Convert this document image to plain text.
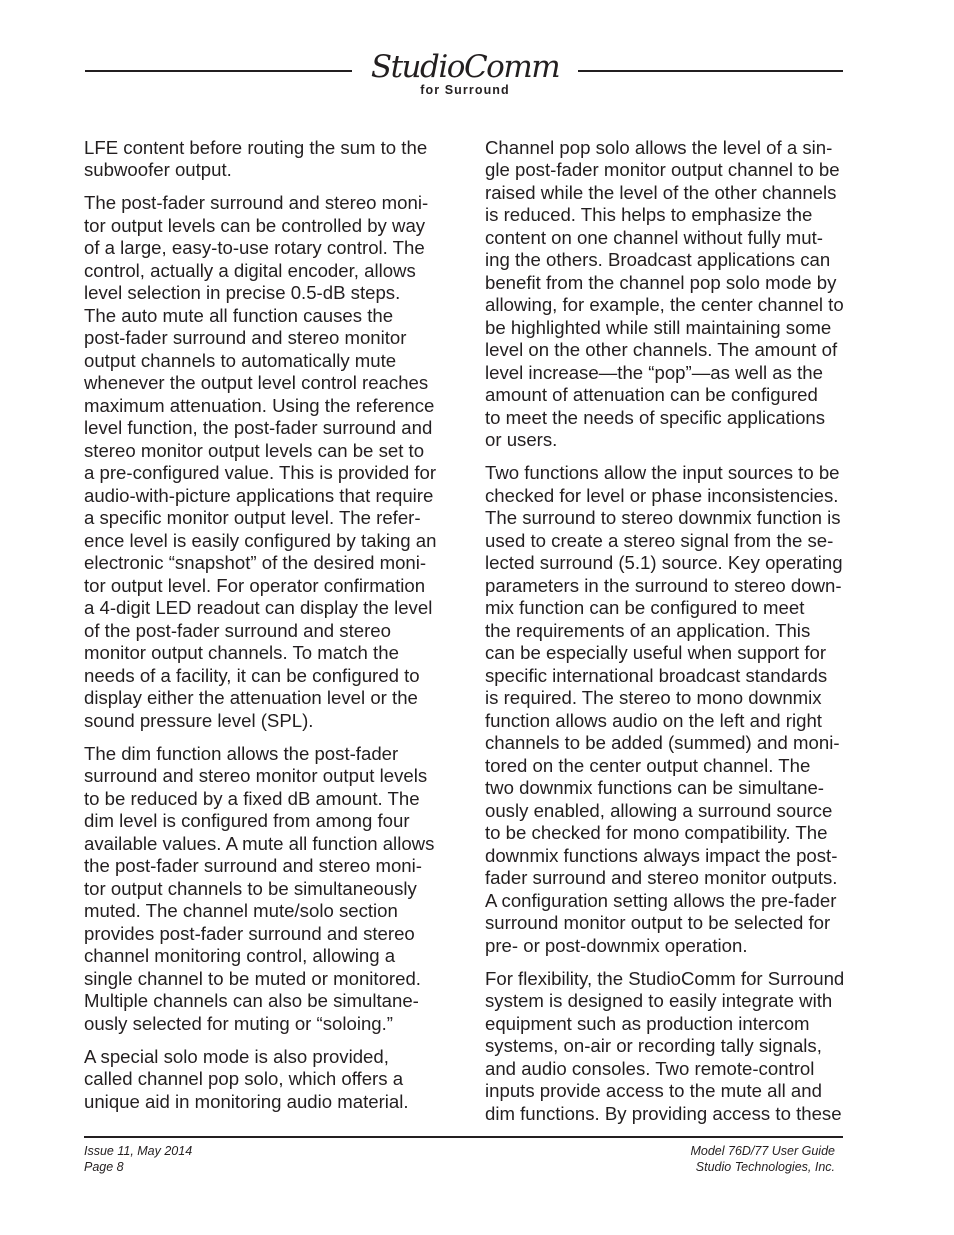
StudioComm
for Surround
LFE content before routing the sum to the
subwoofer output.
The post-fader surround and stereo moni-
tor output levels can be controlled by way
of a large, easy-to-use rotary control. The
control, actually a digital encoder, allows
level selection in precise 0.5-dB steps.
The auto mute all function causes the
post-fader surround and stereo monitor
output channels to automatically mute
whenever the output level control reaches
maximum attenuation. Using the reference
level function, the post-fader surround and
stereo monitor output levels can be set to
a pre-configured value. This is provided for
audio-with-picture applications that require
a specific monitor output level. The refer-
ence level is easily configured by taking an
electronic “snapshot” of the desired moni-
tor output level. For operator confirmation
a 4-digit LED readout can display the level
of the post-fader surround and stereo
monitor output channels. To match the
needs of a facility, it can be configured to
display either the attenuation level or the
sound pressure level (SPL).
The dim function allows the post-fader
surround and stereo monitor output levels
to be reduced by a fixed dB amount. The
dim level is configured from among four
available values. A mute all function allows
the post-fader surround and stereo moni-
tor output channels to be simultaneously
muted. The channel mute/solo section
provides post-fader surround and stereo
channel monitoring control, allowing a
single channel to be muted or monitored.
Multiple channels can also be simultane-
ously selected for muting or “soloing.”
A special solo mode is also provided,
called channel pop solo, which offers a
unique aid in monitoring audio material.
Channel pop solo allows the level of a sin-
gle post-fader monitor output channel to be
raised while the level of the other channels
is reduced. This helps to emphasize the
content on one channel without fully mut-
ing the others. Broadcast applications can
benefit from the channel pop solo mode by
allowing, for example, the center channel to
be highlighted while still maintaining some
level on the other channels. The amount of
level increase—the “pop”—as well as the
amount of attenuation can be configured
to meet the needs of specific applications
or users.
Two functions allow the input sources to be
checked for level or phase inconsistencies.
The surround to stereo downmix function is
used to create a stereo signal from the se-
lected surround (5.1) source. Key operating
parameters in the surround to stereo down-
mix function can be configured to meet
the requirements of an application. This
can be especially useful when support for
specific international broadcast standards
is required. The stereo to mono downmix
function allows audio on the left and right
channels to be added (summed) and moni-
tored on the center output channel. The
two downmix functions can be simultane-
ously enabled, allowing a surround source
to be checked for mono compatibility. The
downmix functions always impact the post-
fader surround and stereo monitor outputs.
A configuration setting allows the pre-fader
surround monitor output to be selected for
pre- or post-downmix operation.
For flexibility, the StudioComm for Surround
system is designed to easily integrate with
equipment such as production intercom
systems, on-air or recording tally signals,
and audio consoles. Two remote-control
inputs provide access to the mute all and
dim functions. By providing access to these
Issue 11, May 2014
Page 8
Model 76D/77 User Guide
Studio Technologies, Inc.
